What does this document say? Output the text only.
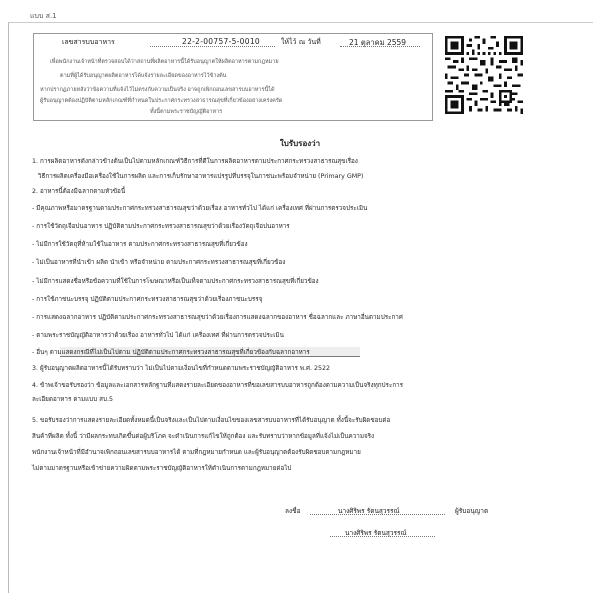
แบบ ส.1
เลขสารบบอาหาร	22-2-00757-5-0010	ให้ไว้ ณ วันที่	21 ตุลาคม 2559
เพื่อพนักงานเจ้าหน้าที่ตรวจสอบได้ว่าสถานที่ผลิตอาหารนี้ได้รับอนุญาตให้ผลิตอาหารตามกฎหมาย
ตามที่ผู้ได้รับอนุญาตผลิตอาหารได้แจ้งรายละเอียดของอาหารไว้ข้างต้น
หากปรากฏภายหลังว่าข้อความที่แจ้งไว้ไม่ตรงกับความเป็นจริง อาจถูกเพิกถอนเลขสารบบอาหารนี้ได้
ผู้รับอนุญาตต้องปฏิบัติตามหลักเกณฑ์ที่กำหนดในประกาศกระทรวงสาธารณสุขที่เกี่ยวข้องอย่างเคร่งครัด
ทั้งนี้ตามพระราชบัญญัติอาหาร
ใบรับรองว่า
1. การผลิตอาหารดังกล่าวข้างต้นเป็นไปตามหลักเกณฑ์วิธีการที่ดีในการผลิตอาหารตามประกาศกระทรวงสาธารณสุขเรื่อง
วิธีการผลิตเครื่องมือเครื่องใช้ในการผลิต และการเก็บรักษาอาหารแปรรูปที่บรรจุในภาชนะพร้อมจำหน่าย (Primary GMP)
2. อาหารนี้ต้องมีฉลากตามหัวข้อนี้
- มีคุณภาพหรือมาตรฐานตามประกาศกระทรวงสาธารณสุขว่าด้วยเรื่อง อาหารทั่วไป ได้แก่ เครื่องเทศ ที่ผ่านการตรวจประเมิน
- การใช้วัตถุเจือปนอาหาร ปฏิบัติตามประกาศกระทรวงสาธารณสุขว่าด้วยเรื่องวัตถุเจือปนอาหาร
- ไม่มีการใช้วัตถุที่ห้ามใช้ในอาหาร ตามประกาศกระทรวงสาธารณสุขที่เกี่ยวข้อง
- ไม่เป็นอาหารที่นำเข้า ผลิต นำเข้า หรือจำหน่าย ตามประกาศกระทรวงสาธารณสุขที่เกี่ยวข้อง
- ไม่มีการแสดงชื่อหรือข้อความที่ใช้ในการโฆษณาหรือเป็นเท็จตามประกาศกระทรวงสาธารณสุขที่เกี่ยวข้อง
- การใช้ภาชนะบรรจุ ปฏิบัติตามประกาศกระทรวงสาธารณสุขว่าด้วยเรื่องภาชนะบรรจุ
- การแสดงฉลากอาหาร ปฏิบัติตามประกาศกระทรวงสาธารณสุขว่าด้วยเรื่องการแสดงฉลากของอาหาร ชื่อฉลากและ ภาษาอื่นตามประกาศ
- ตามพระราชบัญญัติอาหารว่าด้วยเรื่อง อาหารทั่วไป ได้แก่ เครื่องเทศ ที่ผ่านการตรวจประเมิน
- อื่นๆ ตามแสดงกรณีที่ไม่เป็นไปตาม ปฏิบัติตามประกาศกระทรวงสาธารณสุขที่เกี่ยวข้องกับฉลากอาหาร
3. ผู้รับอนุญาตผลิตอาหารนี้ได้รับทราบว่า ไม่เป็นไปตามเงื่อนไขที่กำหนดตามพระราชบัญญัติอาหาร พ.ศ. 2522
4. ข้าพเจ้าขอรับรองว่า ข้อมูลและเอกสารหลักฐานที่แสดงรายละเอียดของอาหารที่ขอเลขสารบบอาหารถูกต้องตามความเป็นจริงทุกประการ
ละเอียดอาหาร ตามแบบ สบ.5
5. ขอรับรองว่าการแสดงรายละเอียดทั้งหมดนี้เป็นจริงและเป็นไปตามเงื่อนไขของเลขสารบบอาหารที่ได้รับอนุญาต ทั้งนี้จะรับผิดชอบต่อ
สินค้าที่ผลิต ทั้งนี้ ว่ามีผลกระทบเกิดขึ้นต่อผู้บริโภค จะดำเนินการแก้ไขให้ถูกต้อง และรับทราบว่าหากข้อมูลที่แจ้งไม่เป็นความจริง
พนักงานเจ้าหน้าที่มีอำนาจเพิกถอนเลขสารบบอาหารได้ ตามที่กฎหมายกำหนด และผู้รับอนุญาตต้องรับผิดชอบตามกฎหมาย
ไม่ตามมาตรฐานหรือเข้าข่ายความผิดตามพระราชบัญญัติอาหารให้ดำเนินการตามกฎหมายต่อไป
ลงชื่อ	นางศิริพร รัตนสุวรรณ์	ผู้รับอนุญาต
นางศิริพร รัตนสุวรรณ์
